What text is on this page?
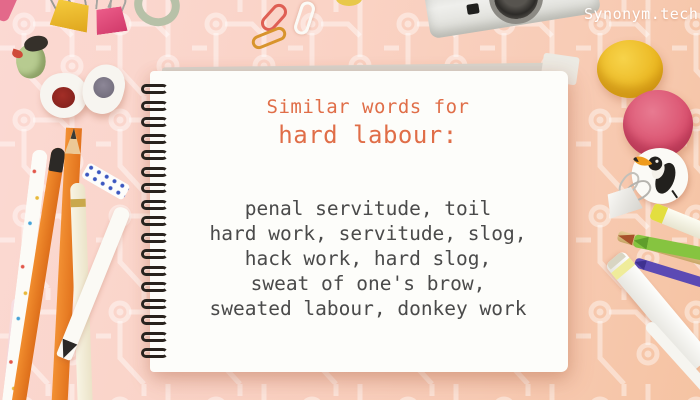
Synonym.tech
Similar words for
hard labour:
penal servitude, toil
hard work, servitude, slog,
hack work, hard slog,
sweat of one's brow,
sweated labour, donkey work
